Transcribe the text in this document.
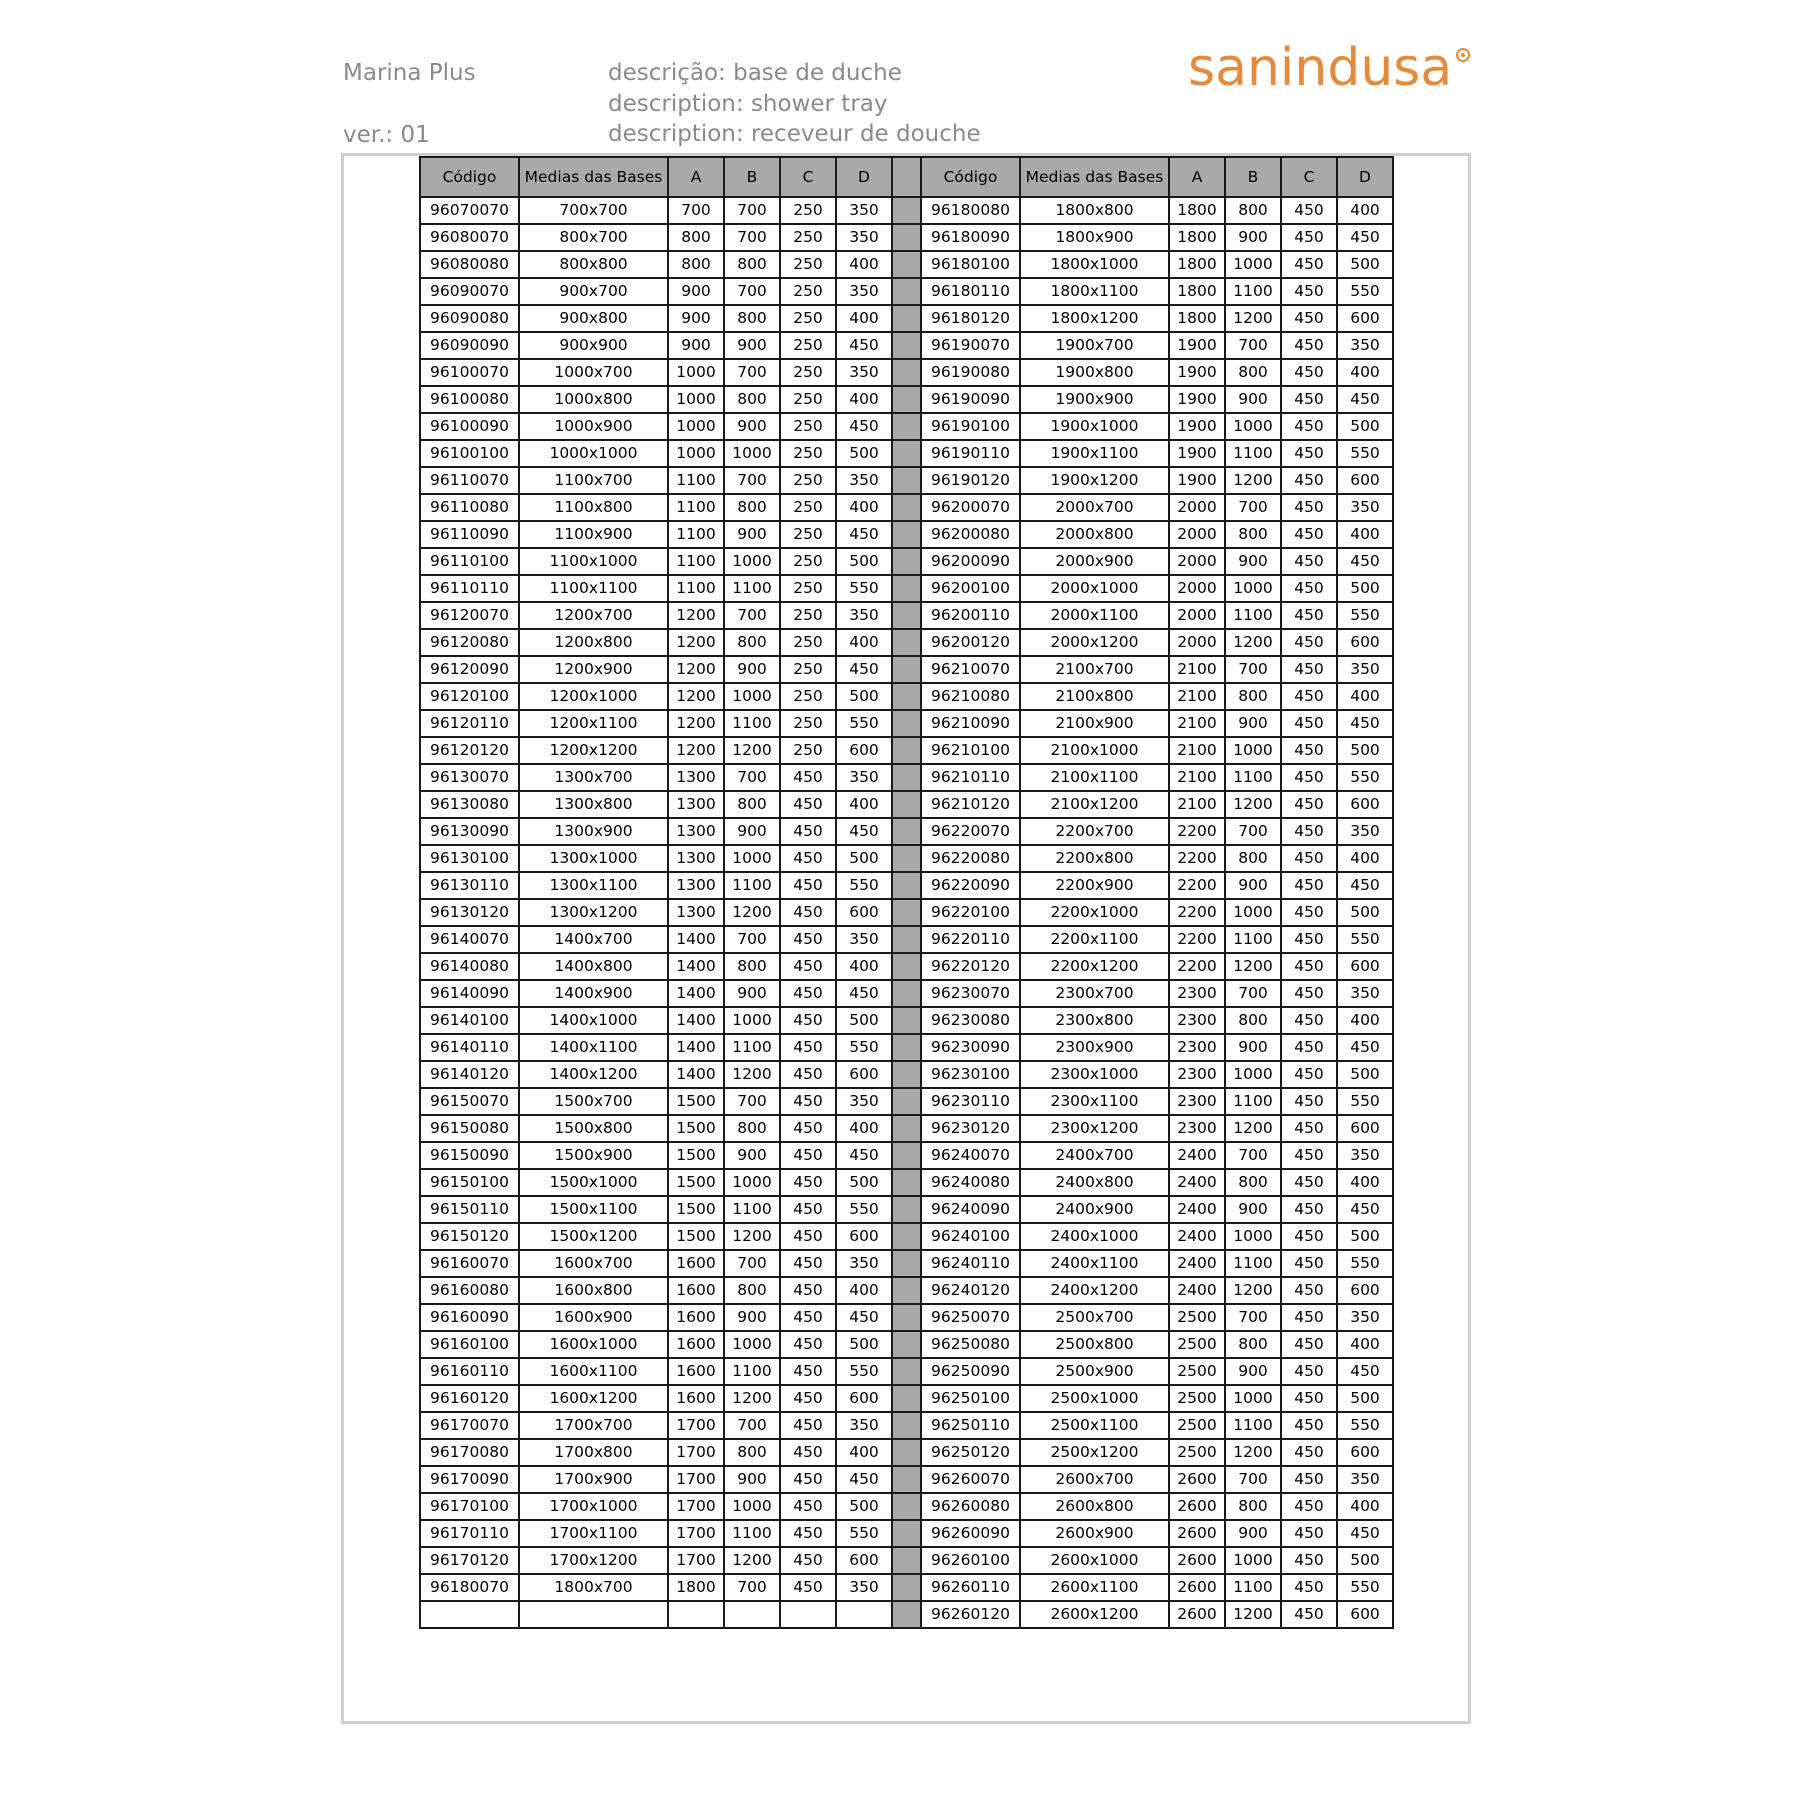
Marina Plus
ver.: 01
descrição: base de duche
description: shower tray
description: receveur de douche
sanindusa
Código	Medias das Bases	A	B	C	D		Código	Medias das Bases	A	B	C	D
96070070	700x700	700	700	250	350		96180080	1800x800	1800	800	450	400
96080070	800x700	800	700	250	350		96180090	1800x900	1800	900	450	450
96080080	800x800	800	800	250	400		96180100	1800x1000	1800	1000	450	500
96090070	900x700	900	700	250	350		96180110	1800x1100	1800	1100	450	550
96090080	900x800	900	800	250	400		96180120	1800x1200	1800	1200	450	600
96090090	900x900	900	900	250	450		96190070	1900x700	1900	700	450	350
96100070	1000x700	1000	700	250	350		96190080	1900x800	1900	800	450	400
96100080	1000x800	1000	800	250	400		96190090	1900x900	1900	900	450	450
96100090	1000x900	1000	900	250	450		96190100	1900x1000	1900	1000	450	500
96100100	1000x1000	1000	1000	250	500		96190110	1900x1100	1900	1100	450	550
96110070	1100x700	1100	700	250	350		96190120	1900x1200	1900	1200	450	600
96110080	1100x800	1100	800	250	400		96200070	2000x700	2000	700	450	350
96110090	1100x900	1100	900	250	450		96200080	2000x800	2000	800	450	400
96110100	1100x1000	1100	1000	250	500		96200090	2000x900	2000	900	450	450
96110110	1100x1100	1100	1100	250	550		96200100	2000x1000	2000	1000	450	500
96120070	1200x700	1200	700	250	350		96200110	2000x1100	2000	1100	450	550
96120080	1200x800	1200	800	250	400		96200120	2000x1200	2000	1200	450	600
96120090	1200x900	1200	900	250	450		96210070	2100x700	2100	700	450	350
96120100	1200x1000	1200	1000	250	500		96210080	2100x800	2100	800	450	400
96120110	1200x1100	1200	1100	250	550		96210090	2100x900	2100	900	450	450
96120120	1200x1200	1200	1200	250	600		96210100	2100x1000	2100	1000	450	500
96130070	1300x700	1300	700	450	350		96210110	2100x1100	2100	1100	450	550
96130080	1300x800	1300	800	450	400		96210120	2100x1200	2100	1200	450	600
96130090	1300x900	1300	900	450	450		96220070	2200x700	2200	700	450	350
96130100	1300x1000	1300	1000	450	500		96220080	2200x800	2200	800	450	400
96130110	1300x1100	1300	1100	450	550		96220090	2200x900	2200	900	450	450
96130120	1300x1200	1300	1200	450	600		96220100	2200x1000	2200	1000	450	500
96140070	1400x700	1400	700	450	350		96220110	2200x1100	2200	1100	450	550
96140080	1400x800	1400	800	450	400		96220120	2200x1200	2200	1200	450	600
96140090	1400x900	1400	900	450	450		96230070	2300x700	2300	700	450	350
96140100	1400x1000	1400	1000	450	500		96230080	2300x800	2300	800	450	400
96140110	1400x1100	1400	1100	450	550		96230090	2300x900	2300	900	450	450
96140120	1400x1200	1400	1200	450	600		96230100	2300x1000	2300	1000	450	500
96150070	1500x700	1500	700	450	350		96230110	2300x1100	2300	1100	450	550
96150080	1500x800	1500	800	450	400		96230120	2300x1200	2300	1200	450	600
96150090	1500x900	1500	900	450	450		96240070	2400x700	2400	700	450	350
96150100	1500x1000	1500	1000	450	500		96240080	2400x800	2400	800	450	400
96150110	1500x1100	1500	1100	450	550		96240090	2400x900	2400	900	450	450
96150120	1500x1200	1500	1200	450	600		96240100	2400x1000	2400	1000	450	500
96160070	1600x700	1600	700	450	350		96240110	2400x1100	2400	1100	450	550
96160080	1600x800	1600	800	450	400		96240120	2400x1200	2400	1200	450	600
96160090	1600x900	1600	900	450	450		96250070	2500x700	2500	700	450	350
96160100	1600x1000	1600	1000	450	500		96250080	2500x800	2500	800	450	400
96160110	1600x1100	1600	1100	450	550		96250090	2500x900	2500	900	450	450
96160120	1600x1200	1600	1200	450	600		96250100	2500x1000	2500	1000	450	500
96170070	1700x700	1700	700	450	350		96250110	2500x1100	2500	1100	450	550
96170080	1700x800	1700	800	450	400		96250120	2500x1200	2500	1200	450	600
96170090	1700x900	1700	900	450	450		96260070	2600x700	2600	700	450	350
96170100	1700x1000	1700	1000	450	500		96260080	2600x800	2600	800	450	400
96170110	1700x1100	1700	1100	450	550		96260090	2600x900	2600	900	450	450
96170120	1700x1200	1700	1200	450	600		96260100	2600x1000	2600	1000	450	500
96180070	1800x700	1800	700	450	350		96260110	2600x1100	2600	1100	450	550
							96260120	2600x1200	2600	1200	450	600
